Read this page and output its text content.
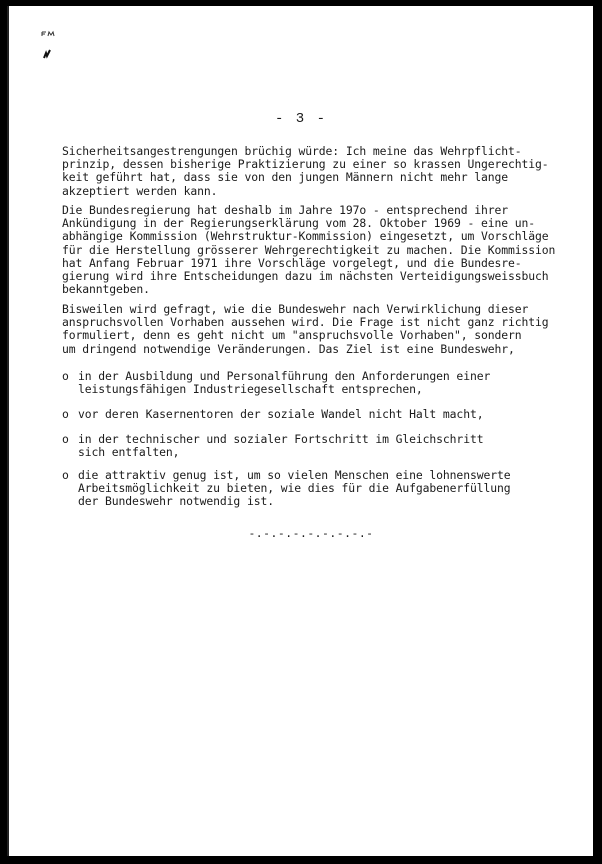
- 3 -
Sicherheitsangestrengungen brüchig würde: Ich meine das Wehrpflicht-
prinzip, dessen bisherige Praktizierung zu einer so krassen Ungerechtig-
keit geführt hat, dass sie von den jungen Männern nicht mehr lange
akzeptiert werden kann.
Die Bundesregierung hat deshalb im Jahre 197o - entsprechend ihrer
Ankündigung in der Regierungserklärung vom 28. Oktober 1969 - eine un-
abhängige Kommission (Wehrstruktur-Kommission) eingesetzt, um Vorschläge
für die Herstellung grösserer Wehrgerechtigkeit zu machen. Die Kommission
hat Anfang Februar 1971 ihre Vorschläge vorgelegt, und die Bundesre-
gierung wird ihre Entscheidungen dazu im nächsten Verteidigungsweissbuch
bekanntgeben.
Bisweilen wird gefragt, wie die Bundeswehr nach Verwirklichung dieser
anspruchsvollen Vorhaben aussehen wird. Die Frage ist nicht ganz richtig
formuliert, denn es geht nicht um "anspruchsvolle Vorhaben", sondern
um dringend notwendige Veränderungen. Das Ziel ist eine Bundeswehr,
o in der Ausbildung und Personalführung den Anforderungen einer
leistungsfähigen Industriegesellschaft entsprechen,
o vor deren Kasernentoren der soziale Wandel nicht Halt macht,
o in der technischer und sozialer Fortschritt im Gleichschritt
sich entfalten,
o die attraktiv genug ist, um so vielen Menschen eine lohnenswerte
Arbeitsmöglichkeit zu bieten, wie dies für die Aufgabenerfüllung
der Bundeswehr notwendig ist.
-.-.-.-.-.-.-.-.-
